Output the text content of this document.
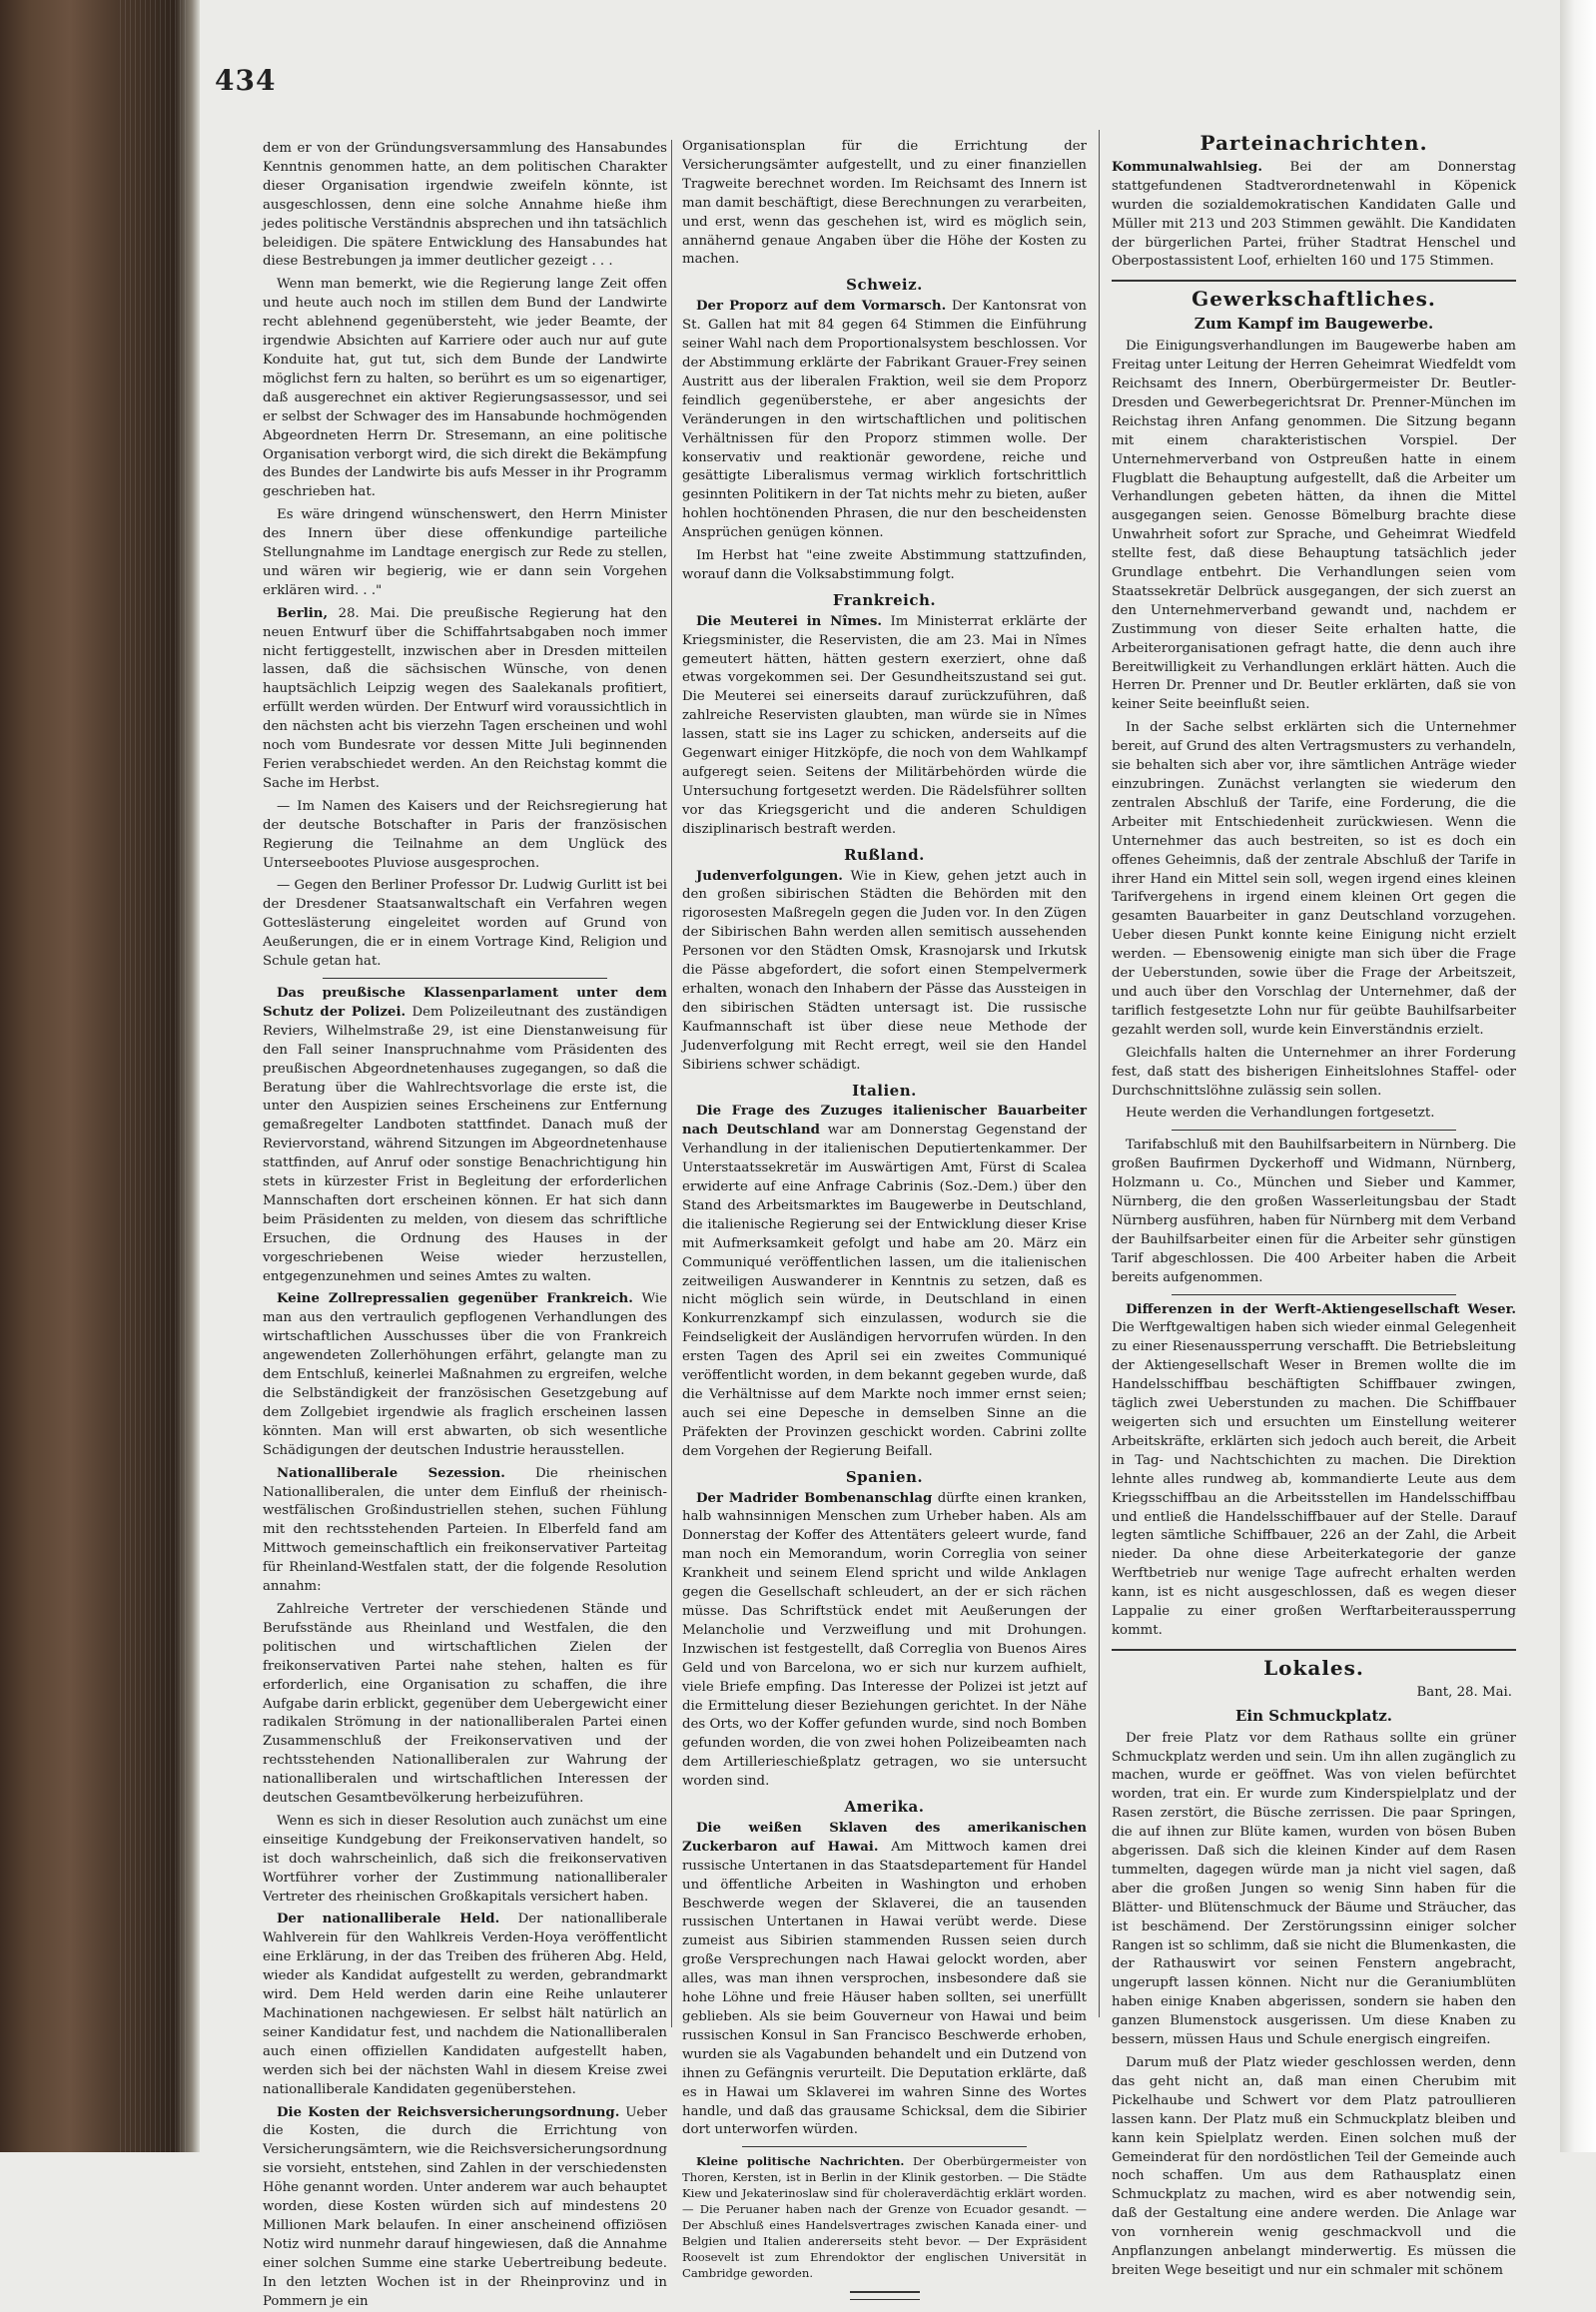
434

dem er von der Gründungsversammlung des Hansabundes Kenntnis genommen hatte, an dem politischen Charakter dieser Organisation irgendwie zweifeln könnte, ist ausgeschlossen, denn eine solche Annahme hieße ihm jedes politische Verständnis absprechen und ihn tatsächlich beleidigen. Die spätere Entwicklung des Hansabundes hat diese Bestrebungen ja immer deutlicher gezeigt . . .

Wenn man bemerkt, wie die Regierung lange Zeit offen und heute auch noch im stillen dem Bund der Landwirte recht ablehnend gegenübersteht, wie jeder Beamte, der irgendwie Absichten auf Karriere oder auch nur auf gute Konduite hat, gut tut, sich dem Bunde der Landwirte möglichst fern zu halten, so berührt es um so eigenartiger, daß ausgerechnet ein aktiver Regierungsassessor, und sei er selbst der Schwager des im Hansabunde hochmögenden Abgeordneten Herrn Dr. Stresemann, an eine politische Organisation verborgt wird, die sich direkt die Bekämpfung des Bundes der Landwirte bis aufs Messer in ihr Programm geschrieben hat.

Es wäre dringend wünschenswert, den Herrn Minister des Innern über diese offenkundige parteiliche Stellungnahme im Landtage energisch zur Rede zu stellen, und wären wir begierig, wie er dann sein Vorgehen erklären wird. . ."

Berlin, 28. Mai. Die preußische Regierung hat den neuen Entwurf über die Schiffahrtsabgaben noch immer nicht fertiggestellt, inzwischen aber in Dresden mitteilen lassen, daß die sächsischen Wünsche, von denen hauptsächlich Leipzig wegen des Saalekanals profitiert, erfüllt werden würden. Der Entwurf wird voraussichtlich in den nächsten acht bis vierzehn Tagen erscheinen und wohl noch vom Bundesrate vor dessen Mitte Juli beginnenden Ferien verabschiedet werden. An den Reichstag kommt die Sache im Herbst.

— Im Namen des Kaisers und der Reichsregierung hat der deutsche Botschafter in Paris der französischen Regierung die Teilnahme an dem Unglück des Unterseebootes Pluviose ausgesprochen.

— Gegen den Berliner Professor Dr. Ludwig Gurlitt ist bei der Dresdener Staatsanwaltschaft ein Verfahren wegen Gotteslästerung eingeleitet worden auf Grund von Aeußerungen, die er in einem Vortrage Kind, Religion und Schule getan hat.

Das preußische Klassenparlament unter dem Schutz der Polizei. Dem Polizeileutnant des zuständigen Reviers, Wilhelmstraße 29, ist eine Dienstanweisung für den Fall seiner Inanspruchnahme vom Präsidenten des preußischen Abgeordnetenhauses zugegangen, so daß die Beratung über die Wahlrechtsvorlage die erste ist, die unter den Auspizien seines Erscheinens zur Entfernung gemaßregelter Landboten stattfindet. Danach muß der Reviervorstand, während Sitzungen im Abgeordnetenhause stattfinden, auf Anruf oder sonstige Benachrichtigung hin stets in kürzester Frist in Begleitung der erforderlichen Mannschaften dort erscheinen können. Er hat sich dann beim Präsidenten zu melden, von diesem das schriftliche Ersuchen, die Ordnung des Hauses in der vorgeschriebenen Weise wieder herzustellen, entgegenzunehmen und seines Amtes zu walten.

Keine Zollrepressalien gegenüber Frankreich. Wie man aus den vertraulich gepflogenen Verhandlungen des wirtschaftlichen Ausschusses über die von Frankreich angewendeten Zollerhöhungen erfährt, gelangte man zu dem Entschluß, keinerlei Maßnahmen zu ergreifen, welche die Selbständigkeit der französischen Gesetzgebung auf dem Zollgebiet irgendwie als fraglich erscheinen lassen könnten. Man will erst abwarten, ob sich wesentliche Schädigungen der deutschen Industrie herausstellen.

Nationalliberale Sezession. Die rheinischen Nationalliberalen, die unter dem Einfluß der rheinisch-westfälischen Großindustriellen stehen, suchen Fühlung mit den rechtsstehenden Parteien. In Elberfeld fand am Mittwoch gemeinschaftlich ein freikonservativer Parteitag für Rheinland-Westfalen statt, der die folgende Resolution annahm:

Zahlreiche Vertreter der verschiedenen Stände und Berufsstände aus Rheinland und Westfalen, die den politischen und wirtschaftlichen Zielen der freikonservativen Partei nahe stehen, halten es für erforderlich, eine Organisation zu schaffen, die ihre Aufgabe darin erblickt, gegenüber dem Uebergewicht einer radikalen Strömung in der nationalliberalen Partei einen Zusammenschluß der Freikonservativen und der rechtsstehenden Nationalliberalen zur Wahrung der nationalliberalen und wirtschaftlichen Interessen der deutschen Gesamtbevölkerung herbeizuführen.

Wenn es sich in dieser Resolution auch zunächst um eine einseitige Kundgebung der Freikonservativen handelt, so ist doch wahrscheinlich, daß sich die freikonservativen Wortführer vorher der Zustimmung nationalliberaler Vertreter des rheinischen Großkapitals versichert haben.

Der nationalliberale Held. Der nationalliberale Wahlverein für den Wahlkreis Verden-Hoya veröffentlicht eine Erklärung, in der das Treiben des früheren Abg. Held, wieder als Kandidat aufgestellt zu werden, gebrandmarkt wird. Dem Held werden darin eine Reihe unlauterer Machinationen nachgewiesen. Er selbst hält natürlich an seiner Kandidatur fest, und nachdem die Nationalliberalen auch einen offiziellen Kandidaten aufgestellt haben, werden sich bei der nächsten Wahl in diesem Kreise zwei nationalliberale Kandidaten gegenüberstehen.

Die Kosten der Reichsversicherungsordnung. Ueber die Kosten, die durch die Errichtung von Versicherungsämtern, wie die Reichsversicherungsordnung sie vorsieht, entstehen, sind Zahlen in der verschiedensten Höhe genannt worden. Unter anderem war auch behauptet worden, diese Kosten würden sich auf mindestens 20 Millionen Mark belaufen. In einer anscheinend offiziösen Notiz wird nunmehr darauf hingewiesen, daß die Annahme einer solchen Summe eine starke Uebertreibung bedeute. In den letzten Wochen ist in der Rheinprovinz und in Pommern je ein

Organisationsplan für die Errichtung der Versicherungsämter aufgestellt, und zu einer finanziellen Tragweite berechnet worden. Im Reichsamt des Innern ist man damit beschäftigt, diese Berechnungen zu verarbeiten, und erst, wenn das geschehen ist, wird es möglich sein, annähernd genaue Angaben über die Höhe der Kosten zu machen.

Schweiz.

Der Proporz auf dem Vormarsch. Der Kantonsrat von St. Gallen hat mit 84 gegen 64 Stimmen die Einführung seiner Wahl nach dem Proportionalsystem beschlossen. Vor der Abstimmung erklärte der Fabrikant Grauer-Frey seinen Austritt aus der liberalen Fraktion, weil sie dem Proporz feindlich gegenüberstehe, er aber angesichts der Veränderungen in den wirtschaftlichen und politischen Verhältnissen für den Proporz stimmen wolle. Der konservativ und reaktionär gewordene, reiche und gesättigte Liberalismus vermag wirklich fortschrittlich gesinnten Politikern in der Tat nichts mehr zu bieten, außer hohlen hochtönenden Phrasen, die nur den bescheidensten Ansprüchen genügen können.

Im Herbst hat "eine zweite Abstimmung stattzufinden, worauf dann die Volksabstimmung folgt.

Frankreich.

Die Meuterei in Nîmes. Im Ministerrat erklärte der Kriegsminister, die Reservisten, die am 23. Mai in Nîmes gemeutert hätten, hätten gestern exerziert, ohne daß etwas vorgekommen sei. Der Gesundheitszustand sei gut. Die Meuterei sei einerseits darauf zurückzuführen, daß zahlreiche Reservisten glaubten, man würde sie in Nîmes lassen, statt sie ins Lager zu schicken, anderseits auf die Gegenwart einiger Hitzköpfe, die noch von dem Wahlkampf aufgeregt seien. Seitens der Militärbehörden würde die Untersuchung fortgesetzt werden. Die Rädelsführer sollten vor das Kriegsgericht und die anderen Schuldigen disziplinarisch bestraft werden.

Rußland.

Judenverfolgungen. Wie in Kiew, gehen jetzt auch in den großen sibirischen Städten die Behörden mit den rigorosesten Maßregeln gegen die Juden vor. In den Zügen der Sibirischen Bahn werden allen semitisch aussehenden Personen vor den Städten Omsk, Krasnojarsk und Irkutsk die Pässe abgefordert, die sofort einen Stempelvermerk erhalten, wonach den Inhabern der Pässe das Aussteigen in den sibirischen Städten untersagt ist. Die russische Kaufmannschaft ist über diese neue Methode der Judenverfolgung mit Recht erregt, weil sie den Handel Sibiriens schwer schädigt.

Italien.

Die Frage des Zuzuges italienischer Bauarbeiter nach Deutschland war am Donnerstag Gegenstand der Verhandlung in der italienischen Deputiertenkammer. Der Unterstaatssekretär im Auswärtigen Amt, Fürst di Scalea erwiderte auf eine Anfrage Cabrinis (Soz.-Dem.) über den Stand des Arbeitsmarktes im Baugewerbe in Deutschland, die italienische Regierung sei der Entwicklung dieser Krise mit Aufmerksamkeit gefolgt und habe am 20. März ein Communiqué veröffentlichen lassen, um die italienischen zeitweiligen Auswanderer in Kenntnis zu setzen, daß es nicht möglich sein würde, in Deutschland in einen Konkurrenzkampf sich einzulassen, wodurch sie die Feindseligkeit der Ausländigen hervorrufen würden. In den ersten Tagen des April sei ein zweites Communiqué veröffentlicht worden, in dem bekannt gegeben wurde, daß die Verhältnisse auf dem Markte noch immer ernst seien; auch sei eine Depesche in demselben Sinne an die Präfekten der Provinzen geschickt worden. Cabrini zollte dem Vorgehen der Regierung Beifall.

Spanien.

Der Madrider Bombenanschlag dürfte einen kranken, halb wahnsinnigen Menschen zum Urheber haben. Als am Donnerstag der Koffer des Attentäters geleert wurde, fand man noch ein Memorandum, worin Correglia von seiner Krankheit und seinem Elend spricht und wilde Anklagen gegen die Gesellschaft schleudert, an der er sich rächen müsse. Das Schriftstück endet mit Aeußerungen der Melancholie und Verzweiflung und mit Drohungen. Inzwischen ist festgestellt, daß Correglia von Buenos Aires Geld und von Barcelona, wo er sich nur kurzem aufhielt, viele Briefe empfing. Das Interesse der Polizei ist jetzt auf die Ermittelung dieser Beziehungen gerichtet. In der Nähe des Orts, wo der Koffer gefunden wurde, sind noch Bomben gefunden worden, die von zwei hohen Polizeibeamten nach dem Artillerieschießplatz getragen, wo sie untersucht worden sind.

Amerika.

Die weißen Sklaven des amerikanischen Zuckerbaron auf Hawai. Am Mittwoch kamen drei russische Untertanen in das Staatsdepartement für Handel und öffentliche Arbeiten in Washington und erhoben Beschwerde wegen der Sklaverei, die an tausenden russischen Untertanen in Hawai verübt werde. Diese zumeist aus Sibirien stammenden Russen seien durch große Versprechungen nach Hawai gelockt worden, aber alles, was man ihnen versprochen, insbesondere daß sie hohe Löhne und freie Häuser haben sollten, sei unerfüllt geblieben. Als sie beim Gouverneur von Hawai und beim russischen Konsul in San Francisco Beschwerde erhoben, wurden sie als Vagabunden behandelt und ein Dutzend von ihnen zu Gefängnis verurteilt. Die Deputation erklärte, daß es in Hawai um Sklaverei im wahren Sinne des Wortes handle, und daß das grausame Schicksal, dem die Sibirier dort unterworfen würden.

Kleine politische Nachrichten. Der Oberbürgermeister von Thoren, Kersten, ist in Berlin in der Klinik gestorben. — Die Städte Kiew und Jekaterinoslaw sind für choleraverdächtig erklärt worden. — Die Peruaner haben nach der Grenze von Ecuador gesandt. — Der Abschluß eines Handelsvertrages zwischen Kanada einer- und Belgien und Italien andererseits steht bevor. — Der Expräsident Roosevelt ist zum Ehrendoktor der englischen Universität in Cambridge geworden.

Parteinachrichten.

Kommunalwahlsieg. Bei der am Donnerstag stattgefundenen Stadtverordnetenwahl in Köpenick wurden die sozialdemokratischen Kandidaten Galle und Müller mit 213 und 203 Stimmen gewählt. Die Kandidaten der bürgerlichen Partei, früher Stadtrat Henschel und Oberpostassistent Loof, erhielten 160 und 175 Stimmen.

Gewerkschaftliches.
Zum Kampf im Baugewerbe.

Die Einigungsverhandlungen im Baugewerbe haben am Freitag unter Leitung der Herren Geheimrat Wiedfeldt vom Reichsamt des Innern, Oberbürgermeister Dr. Beutler-Dresden und Gewerbegerichtsrat Dr. Prenner-München im Reichstag ihren Anfang genommen. Die Sitzung begann mit einem charakteristischen Vorspiel. Der Unternehmerverband von Ostpreußen hatte in einem Flugblatt die Behauptung aufgestellt, daß die Arbeiter um Verhandlungen gebeten hätten, da ihnen die Mittel ausgegangen seien. Genosse Bömelburg brachte diese Unwahrheit sofort zur Sprache, und Geheimrat Wiedfeld stellte fest, daß diese Behauptung tatsächlich jeder Grundlage entbehrt. Die Verhandlungen seien vom Staatssekretär Delbrück ausgegangen, der sich zuerst an den Unternehmerverband gewandt und, nachdem er Zustimmung von dieser Seite erhalten hatte, die Arbeiterorganisationen gefragt hatte, die denn auch ihre Bereitwilligkeit zu Verhandlungen erklärt hätten. Auch die Herren Dr. Prenner und Dr. Beutler erklärten, daß sie von keiner Seite beeinflußt seien.

In der Sache selbst erklärten sich die Unternehmer bereit, auf Grund des alten Vertragsmusters zu verhandeln, sie behalten sich aber vor, ihre sämtlichen Anträge wieder einzubringen. Zunächst verlangten sie wiederum den zentralen Abschluß der Tarife, eine Forderung, die die Arbeiter mit Entschiedenheit zurückwiesen. Wenn die Unternehmer das auch bestreiten, so ist es doch ein offenes Geheimnis, daß der zentrale Abschluß der Tarife in ihrer Hand ein Mittel sein soll, wegen irgend eines kleinen Tarifvergehens in irgend einem kleinen Ort gegen die gesamten Bauarbeiter in ganz Deutschland vorzugehen. Ueber diesen Punkt konnte keine Einigung nicht erzielt werden. — Ebensowenig einigte man sich über die Frage der Ueberstunden, sowie über die Frage der Arbeitszeit, und auch über den Vorschlag der Unternehmer, daß der tariflich festgesetzte Lohn nur für geübte Bauhilfsarbeiter gezahlt werden soll, wurde kein Einverständnis erzielt.

Gleichfalls halten die Unternehmer an ihrer Forderung fest, daß statt des bisherigen Einheitslohnes Staffel- oder Durchschnittslöhne zulässig sein sollen.

Heute werden die Verhandlungen fortgesetzt.

Tarifabschluß mit den Bauhilfsarbeitern in Nürnberg. Die großen Baufirmen Dyckerhoff und Widmann, Nürnberg, Holzmann u. Co., München und Sieber und Kammer, Nürnberg, die den großen Wasserleitungsbau der Stadt Nürnberg ausführen, haben für Nürnberg mit dem Verband der Bauhilfsarbeiter einen für die Arbeiter sehr günstigen Tarif abgeschlossen. Die 400 Arbeiter haben die Arbeit bereits aufgenommen.

Differenzen in der Werft-Aktiengesellschaft Weser. Die Werftgewaltigen haben sich wieder einmal Gelegenheit zu einer Riesenaussperrung verschafft. Die Betriebsleitung der Aktiengesellschaft Weser in Bremen wollte die im Handelsschiffbau beschäftigten Schiffbauer zwingen, täglich zwei Ueberstunden zu machen. Die Schiffbauer weigerten sich und ersuchten um Einstellung weiterer Arbeitskräfte, erklärten sich jedoch auch bereit, die Arbeit in Tag- und Nachtschichten zu machen. Die Direktion lehnte alles rundweg ab, kommandierte Leute aus dem Kriegsschiffbau an die Arbeitsstellen im Handelsschiffbau und entließ die Handelsschiffbauer auf der Stelle. Darauf legten sämtliche Schiffbauer, 226 an der Zahl, die Arbeit nieder. Da ohne diese Arbeiterkategorie der ganze Werftbetrieb nur wenige Tage aufrecht erhalten werden kann, ist es nicht ausgeschlossen, daß es wegen dieser Lappalie zu einer großen Werftarbeiteraussperrung kommt.

Lokales.

Bant, 28. Mai.

Ein Schmuckplatz.

Der freie Platz vor dem Rathaus sollte ein grüner Schmuckplatz werden und sein. Um ihn allen zugänglich zu machen, wurde er geöffnet. Was von vielen befürchtet worden, trat ein. Er wurde zum Kinderspielplatz und der Rasen zerstört, die Büsche zerrissen. Die paar Springen, die auf ihnen zur Blüte kamen, wurden von bösen Buben abgerissen. Daß sich die kleinen Kinder auf dem Rasen tummelten, dagegen würde man ja nicht viel sagen, daß aber die großen Jungen so wenig Sinn haben für die Blätter- und Blütenschmuck der Bäume und Sträucher, das ist beschämend. Der Zerstörungssinn einiger solcher Rangen ist so schlimm, daß sie nicht die Blumenkasten, die der Rathauswirt vor seinen Fenstern angebracht, ungerupft lassen können. Nicht nur die Geraniumblüten haben einige Knaben abgerissen, sondern sie haben den ganzen Blumenstock ausgerissen. Um diese Knaben zu bessern, müssen Haus und Schule energisch eingreifen.

Darum muß der Platz wieder geschlossen werden, denn das geht nicht an, daß man einen Cherubim mit Pickelhaube und Schwert vor dem Platz patroullieren lassen kann. Der Platz muß ein Schmuckplatz bleiben und kann kein Spielplatz werden. Einen solchen muß der Gemeinderat für den nordöstlichen Teil der Gemeinde auch noch schaffen. Um aus dem Rathausplatz einen Schmuckplatz zu machen, wird es aber notwendig sein, daß der Gestaltung eine andere werden. Die Anlage war von vornherein wenig geschmackvoll und die Anpflanzungen anbelangt minderwertig. Es müssen die breiten Wege beseitigt und nur ein schmaler mit schönem
